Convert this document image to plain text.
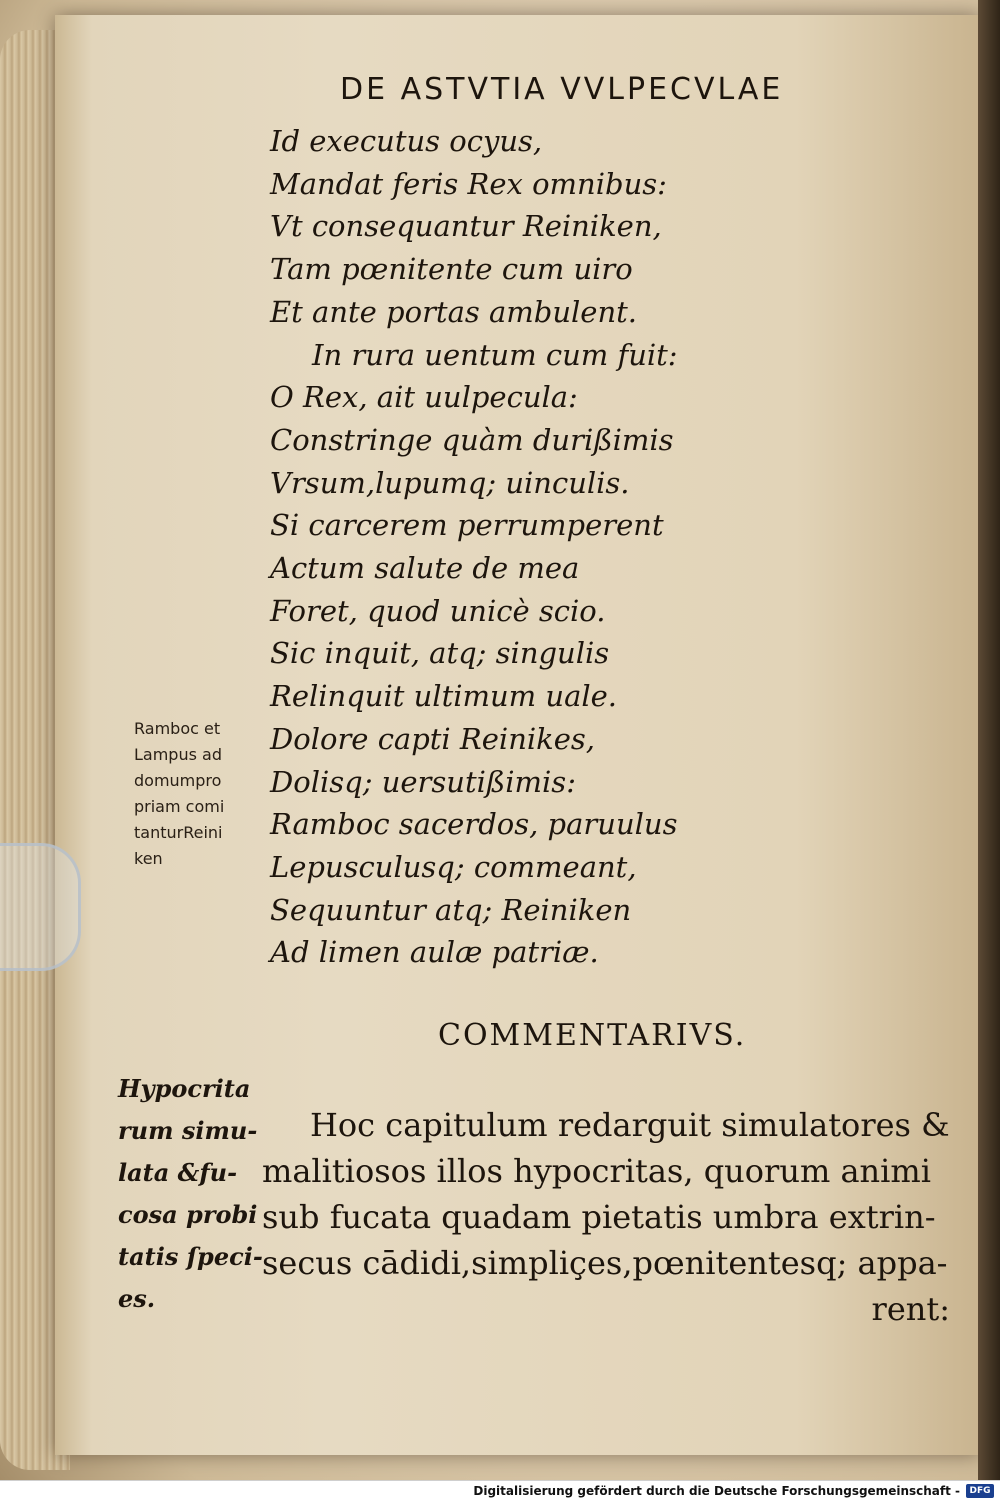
DE ASTVTIA VVLPECVLAE
Id executus ocyus,
Mandat feris Rex omnibus:
Vt consequantur Reiniken,
Tam pœnitente cum uiro
Et ante portas ambulent.
In rura uentum cum fuit:
O Rex, ait uulpecula:
Constringe quàm durißimis
Vrsum,lupumq; uinculis.
Si carcerem perrumperent
Actum salute de mea
Foret, quod unicè scio.
Sic inquit, atq; singulis
Relinquit ultimum uale.
Dolore capti Reinikes,
Dolisq; uersutißimis:
Ramboc sacerdos, paruulus
Lepusculusq; commeant,
Sequuntur atq; Reiniken
Ad limen aulæ patriæ.
Ramboc et
Lampus ad
domumpro
priam comi
tanturReini
ken
COMMENTARIVS.
Hypocrita
rum simu-
lata &fu-
cosa probi
tatis ſpeci-
es.
Hoc capitulum redarguit simulatores &
malitiosos illos hypocritas, quorum animi
sub fucata quadam pietatis umbra extrin-
secus cādidi,simpliçes,pœnitentesq; appa-
rent:
Digitalisierung gefördert durch die Deutsche Forschungsgemeinschaft -	DFG
